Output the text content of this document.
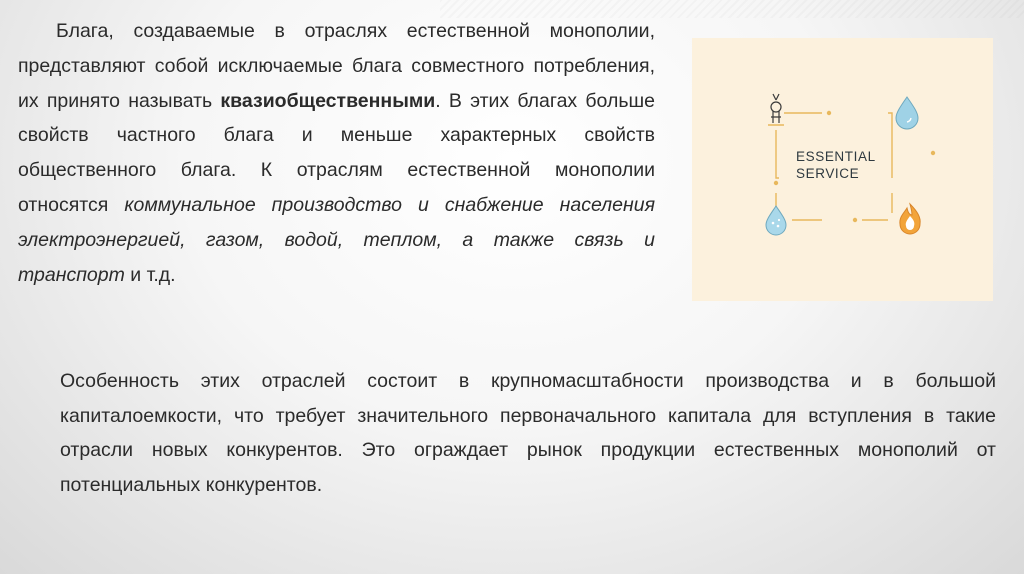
Блага, создаваемые в отраслях естественной монополии, представляют собой исключаемые блага совместного потребления, их принято называть квазиобщественными. В этих благах больше свойств частного блага и меньше характерных свойств общественного блага. К отраслям естественной монополии относятся коммунальное производство и снабжение населения электроэнергией, газом, водой, теплом, а также связь и транспорт и т.д.

ESSENTIAL
SERVICE

Особенность этих отраслей состоит в крупномасштабности производства и в большой капиталоемкости, что требует значительного первоначального капитала для вступления в такие отрасли новых конкурентов. Это ограждает рынок продукции естественных монополий от потенциальных конкурентов.
